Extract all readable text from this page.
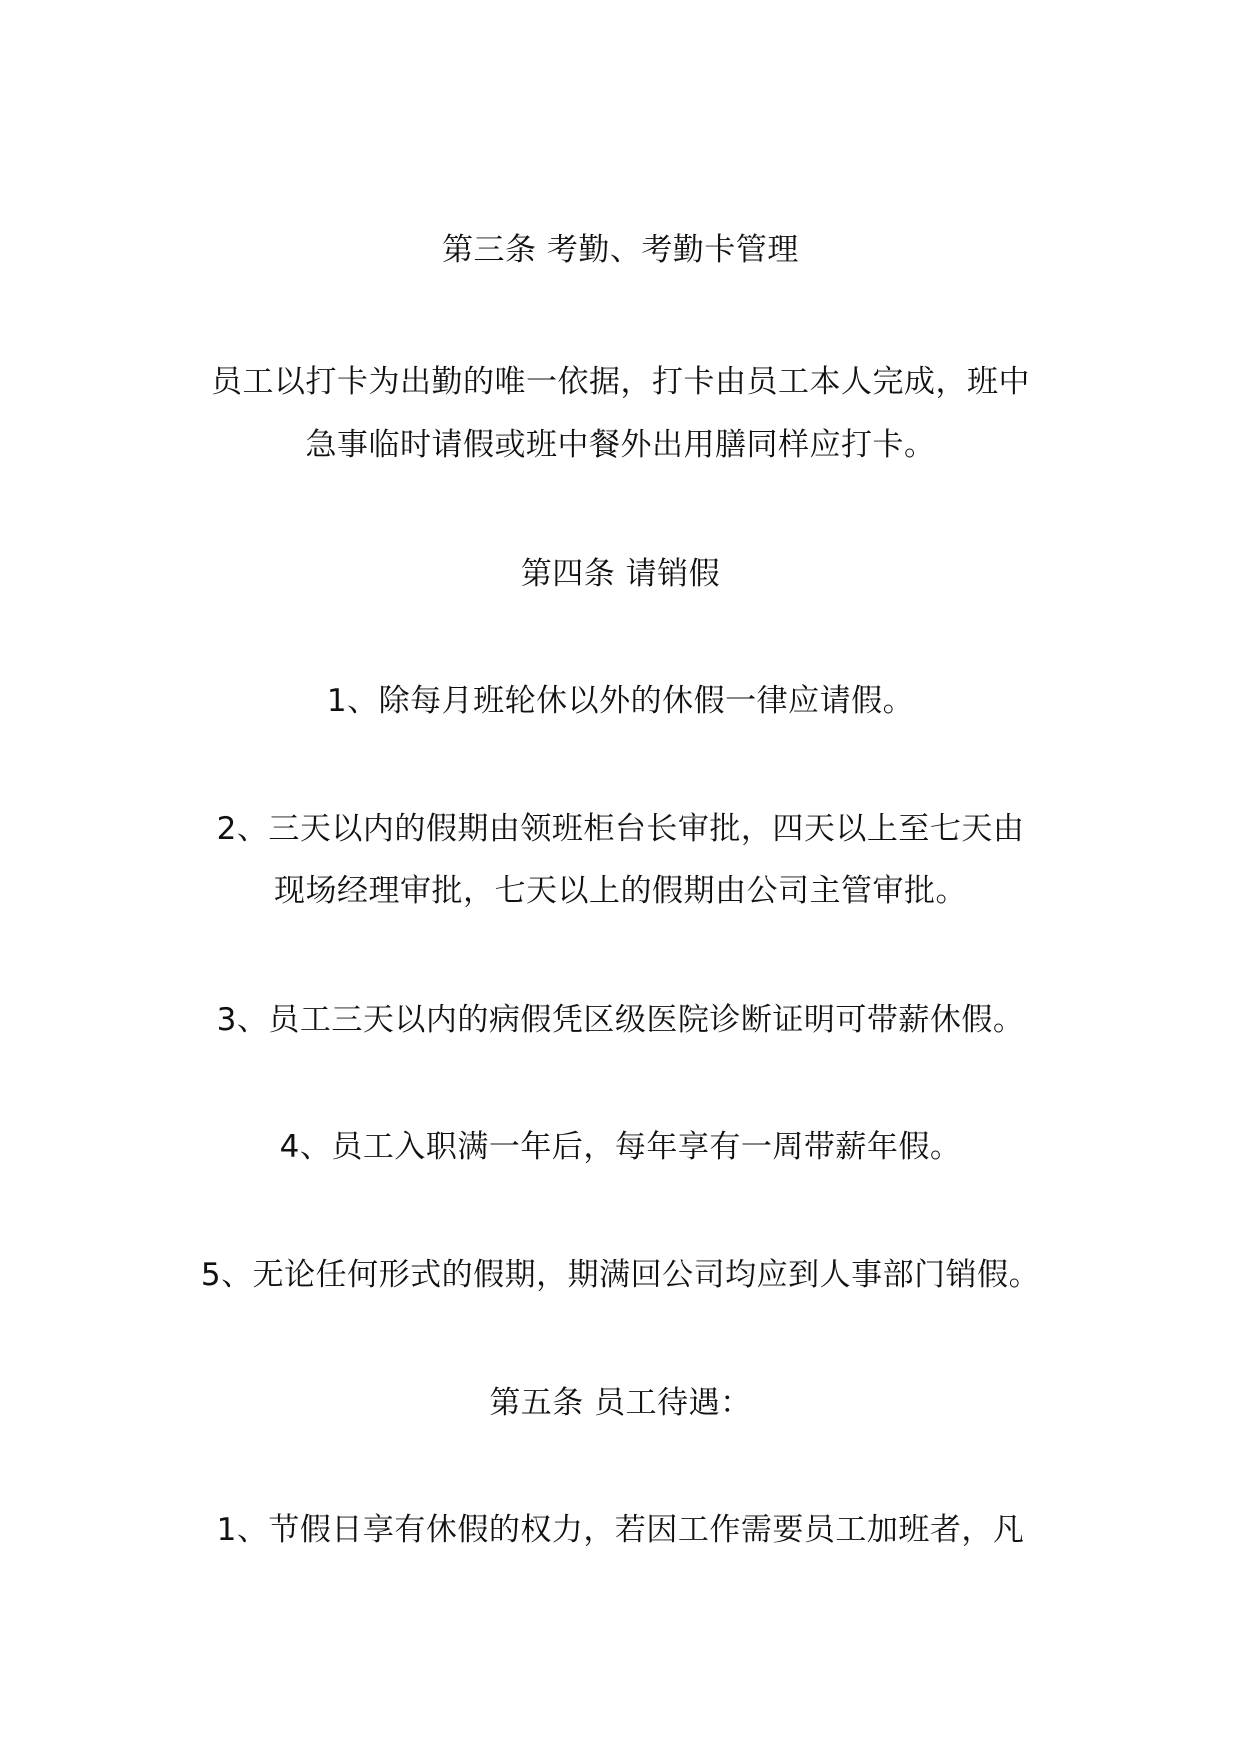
第三条 考勤、考勤卡管理
员工以打卡为出勤的唯一依据，打卡由员工本人完成，班中
急事临时请假或班中餐外出用膳同样应打卡。
第四条 请销假
1、除每月班轮休以外的休假一律应请假。
2、三天以内的假期由领班柜台长审批，四天以上至七天由
现场经理审批，七天以上的假期由公司主管审批。
3、员工三天以内的病假凭区级医院诊断证明可带薪休假。
4、员工入职满一年后，每年享有一周带薪年假。
5、无论任何形式的假期，期满回公司均应到人事部门销假。
第五条 员工待遇：
1、节假日享有休假的权力，若因工作需要员工加班者，凡
